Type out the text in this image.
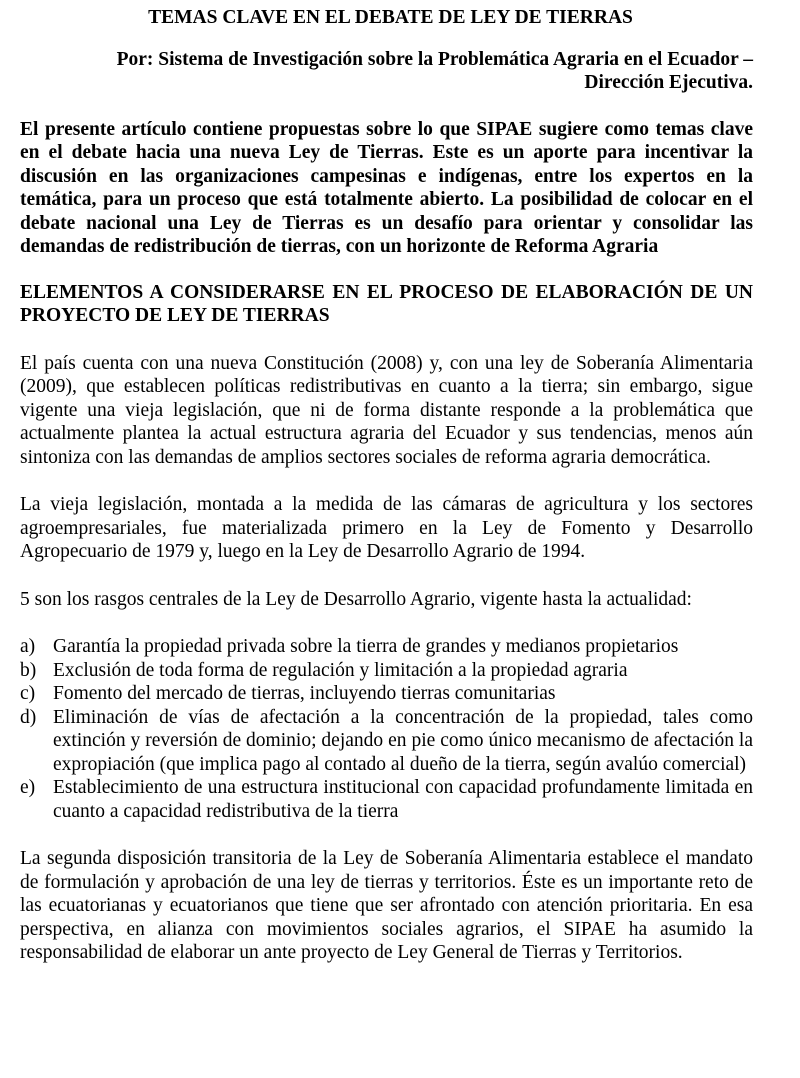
TEMAS CLAVE EN EL DEBATE DE LEY DE TIERRAS
Por: Sistema de Investigación sobre la Problemática Agraria en el Ecuador –
Dirección Ejecutiva.

El presente artículo contiene propuestas sobre lo que SIPAE sugiere como temas clave en el debate hacia una nueva Ley de Tierras. Este es un aporte para incentivar la discusión en las organizaciones campesinas e indígenas, entre los expertos en la temática, para un proceso que está totalmente abierto. La posibilidad de colocar en el debate nacional una Ley de Tierras es un desafío para orientar y consolidar las demandas de redistribución de tierras, con un horizonte de Reforma Agraria

ELEMENTOS A CONSIDERARSE EN EL PROCESO DE ELABORACIÓN DE UN PROYECTO DE LEY DE TIERRAS

El país cuenta con una nueva Constitución (2008) y, con una ley de Soberanía Alimentaria (2009), que establecen políticas redistributivas en cuanto a la tierra; sin embargo, sigue vigente una vieja legislación, que ni de forma distante responde a la problemática que actualmente plantea la actual estructura agraria del Ecuador y sus tendencias, menos aún sintoniza con las demandas de amplios sectores sociales de reforma agraria democrática.

La vieja legislación, montada a la medida de las cámaras de agricultura y los sectores agroempresariales, fue materializada primero en la Ley de Fomento y Desarrollo Agropecuario de 1979 y, luego en la Ley de Desarrollo Agrario de 1994.

5 son los rasgos centrales de la Ley de Desarrollo Agrario, vigente hasta la actualidad:

a) Garantía la propiedad privada sobre la tierra de grandes y medianos propietarios
b) Exclusión de toda forma de regulación y limitación a la propiedad agraria
c) Fomento del mercado de tierras, incluyendo tierras comunitarias
d) Eliminación de vías de afectación a la concentración de la propiedad, tales como extinción y reversión de dominio; dejando en pie como único mecanismo de afectación la expropiación (que implica pago al contado al dueño de la tierra, según avalúo comercial)
e) Establecimiento de una estructura institucional con capacidad profundamente limitada en cuanto a capacidad redistributiva de la tierra

La segunda disposición transitoria de la Ley de Soberanía Alimentaria establece el mandato de formulación y aprobación de una ley de tierras y territorios. Éste es un importante reto de las ecuatorianas y ecuatorianos que tiene que ser afrontado con atención prioritaria. En esa perspectiva, en alianza con movimientos sociales agrarios, el SIPAE ha asumido la responsabilidad de elaborar un ante proyecto de Ley General de Tierras y Territorios.
